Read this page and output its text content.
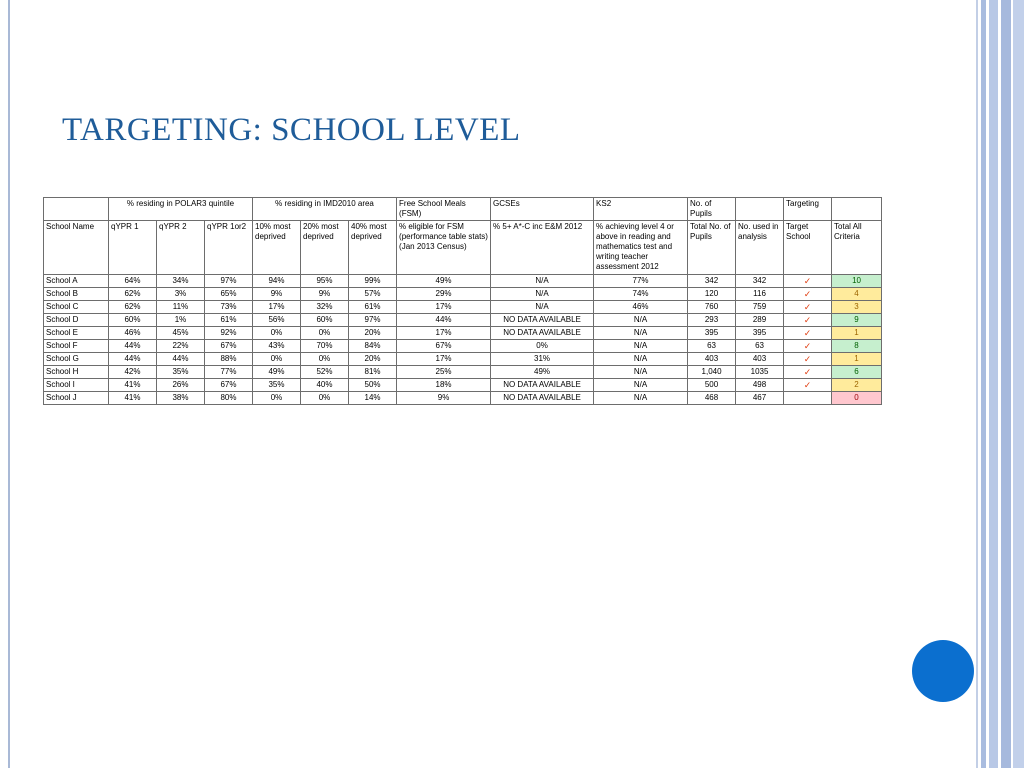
TARGETING: SCHOOL LEVEL
	% residing in POLAR3 quintile			% residing in IMD2010 area			Free School Meals (FSM)	GCSEs	KS2	No. of Pupils		Targeting	
School Name	qYPR 1	qYPR 2	qYPR 1or2	10% most deprived	20% most deprived	40% most deprived	% eligible for FSM (performance table stats) (Jan 2013 Census)	% 5+ A*-C inc E&M 2012	% achieving level 4 or above in reading and mathematics test and writing teacher assessment 2012	Total No. of Pupils	No. used in analysis	Target School	Total All Criteria
School A	64%	34%	97%	94%	95%	99%	49%	N/A	77%	342	342	✓	10
School B	62%	3%	65%	9%	9%	57%	29%	N/A	74%	120	116	✓	4
School C	62%	11%	73%	17%	32%	61%	17%	N/A	46%	760	759	✓	3
School D	60%	1%	61%	56%	60%	97%	44%	NO DATA AVAILABLE	N/A	293	289	✓	9
School E	46%	45%	92%	0%	0%	20%	17%	NO DATA AVAILABLE	N/A	395	395	✓	1
School F	44%	22%	67%	43%	70%	84%	67%	0%	N/A	63	63	✓	8
School G	44%	44%	88%	0%	0%	20%	17%	31%	N/A	403	403	✓	1
School H	42%	35%	77%	49%	52%	81%	25%	49%	N/A	1,040	1035	✓	6
School I	41%	26%	67%	35%	40%	50%	18%	NO DATA AVAILABLE	N/A	500	498	✓	2
School J	41%	38%	80%	0%	0%	14%	9%	NO DATA AVAILABLE	N/A	468	467		0
